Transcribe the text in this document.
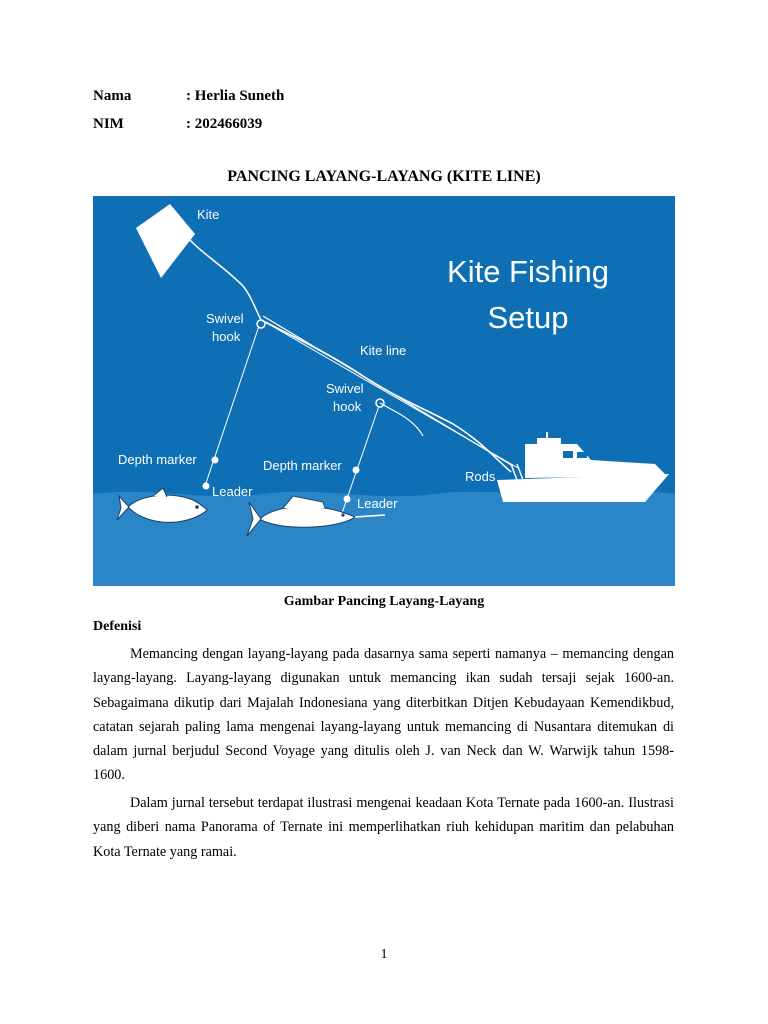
Nama	: Herlia Suneth
NIM	: 202466039
PANCING LAYANG-LAYANG (KITE LINE)
Kite Fishing
Setup
Kite
Swivel
hook
Kite line
Swivel
hook
Depth marker	Depth marker
Leader
Leader
Rods
Gambar Pancing Layang-Layang
Defenisi

Memancing dengan layang-layang pada dasarnya sama seperti namanya – memancing dengan layang-layang. Layang-layang digunakan untuk memancing ikan sudah tersaji sejak 1600-an. Sebagaimana dikutip dari Majalah Indonesiana yang diterbitkan Ditjen Kebudayaan Kemendikbud, catatan sejarah paling lama mengenai layang-layang untuk memancing di Nusantara ditemukan di dalam jurnal berjudul Second Voyage yang ditulis oleh J. van Neck dan W. Warwijk tahun 1598- 1600.

Dalam jurnal tersebut terdapat ilustrasi mengenai keadaan Kota Ternate pada 1600-an. Ilustrasi yang diberi nama Panorama of Ternate ini memperlihatkan riuh kehidupan maritim dan pelabuhan Kota Ternate yang ramai.

1
